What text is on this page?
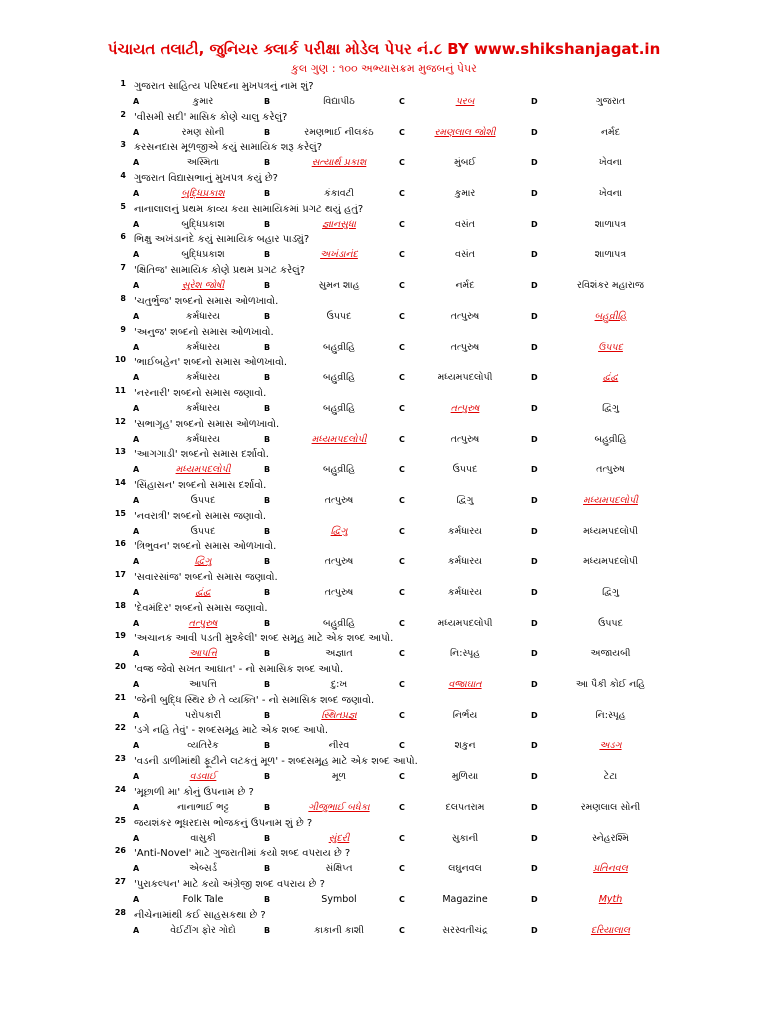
પંચાયત તલાટી, જુનિયર ક્લાર્ક પરીક્ષા મોડેલ પેપર નં.૮ BY www.shikshanjagat.in
કુલ ગુણ : ૧૦૦ અભ્યાસક્રમ મુજબનું પેપર
1 ગુજરાત સાહિત્ય પરિષદના મુખપત્રનું નામ શું?
A	કુમાર	B	વિદ્યાપીઠ	C	પરબ	D	ગુજરાત
2 'વીસમી સદી' માસિક કોણે ચાલુ કરેલું?
A	રમણ સોની	B	રમણભાઈ નીલકંઠ	C	રમણલાલ જોશી	D	નર્મદ
3 કરસનદાસ મૂળજીએ કયું સામાયિક શરૂ કરેલું?
A	અસ્મિતા	B	સત્યાર્થ પ્રકાશ	C	મુંબઈ	D	ખેવના
4 ગુજરાત વિદ્યાસભાનું મુખપત્ર કયું છે?
A	બુદ્ધિપ્રકાશ	B	કંકાવટી	C	કુમાર	D	ખેવના
5 નાનાલાલનું પ્રથમ કાવ્ય કયા સામાયિકમાં પ્રગટ થયું હતું?
A	બુદ્ધિપ્રકાશ	B	જ્ઞાનસુધા	C	વસંત	D	શાળાપત્ર
6 ભિક્ષુ અખંડાનંદે કયું સામાયિક બહાર પાડ્યું?
A	બુદ્ધિપ્રકાશ	B	અખંડાનંદ	C	વસંત	D	શાળાપત્ર
7 'ક્ષિતિજ' સામાયિક કોણે પ્રથમ પ્રગટ કરેલું?
A	સુરેશ જોષી	B	સુમન શાહ	C	નર્મદ	D	રવિશંકર મહારાજ
8 'ચતુર્ભુજ' શબ્દનો સમાસ ઓળખાવો.
A	કર્મધારય	B	ઉપપદ	C	તત્પુરુષ	D	બહુવ્રીહિ
9 'અનુજ' શબ્દનો સમાસ ઓળખાવો.
A	કર્મધારય	B	બહુવ્રીહિ	C	તત્પુરુષ	D	ઉપપદ
10 'ભાઈબહેન' શબ્દનો સમાસ ઓળખાવો.
A	કર્મધારય	B	બહુવ્રીહિ	C	મધ્યમપદલોપી	D	દ્વંદ્વ
11 'નરનારી' શબ્દનો સમાસ જણાવો.
A	કર્મધારય	B	બહુવ્રીહિ	C	તત્પુરુષ	D	દ્વિગુ
12 'સભાગૃહ' શબ્દનો સમાસ ઓળખાવો.
A	કર્મધારય	B	મધ્યમપદલોપી	C	તત્પુરુષ	D	બહુવ્રીહિ
13 'આગગાડી' શબ્દનો સમાસ દર્શાવો.
A	મધ્યમપદલોપી	B	બહુવ્રીહિ	C	ઉપપદ	D	તત્પુરુષ
14 'સિંહાસન' શબ્દનો સમાસ દર્શાવો.
A	ઉપપદ	B	તત્પુરુષ	C	દ્વિગુ	D	મધ્યમપદલોપી
15 'નવરાત્રી' શબ્દનો સમાસ જણાવો.
A	ઉપપદ	B	દ્વિગુ	C	કર્મધારય	D	મધ્યમપદલોપી
16 'ત્રિભુવન' શબ્દનો સમાસ ઓળખાવો.
A	દ્વિગુ	B	તત્પુરુષ	C	કર્મધારય	D	મધ્યમપદલોપી
17 'સવારસાંજ' શબ્દનો સમાસ જણાવો.
A	દ્વંદ્વ	B	તત્પુરુષ	C	કર્મધારય	D	દ્વિગુ
18 'દેવમંદિર' શબ્દનો સમાસ જણાવો.
A	તત્પુરુષ	B	બહુવ્રીહિ	C	મધ્યમપદલોપી	D	ઉપપદ
19 'અચાનક આવી પડતી મુશ્કેલી' શબ્દ સમૂહ માટે એક શબ્દ આપો.
A	આપત્તિ	B	અજ્ઞાત	C	નિ:સ્પૃહ	D	અજાયબી
20 'વજ્ર જેવો સખત આઘાત' - નો સમાસિક શબ્દ આપો.
A	આપત્તિ	B	દુ:ખ	C	વજ્રાઘાત	D	આ પૈકી કોઈ નહિ
21 'જેની બુદ્ધિ સ્થિર છે તે વ્યક્તિ' - નો સમાસિક શબ્દ જણાવો.
A	પરોપકારી	B	સ્થિતપ્રજ્ઞ	C	નિર્ભય	D	નિ:સ્પૃહ
22 'ડગે નહિ તેવું' - શબ્દસમૂહ માટે એક શબ્દ આપો.
A	વ્યતિરેક	B	નીરવ	C	શકુન	D	અડગ
23 'વડની ડાળીમાંથી ફૂટીને લટકતું મૂળ' - શબ્દસમૂહ માટે એક શબ્દ આપો.
A	વડવાઈ	B	મૂળ	C	મુળિયા	D	ટેટા
24 'મૂછાળી મા' કોનું ઉપનામ છે ?
A	નાનાભાઈ ભટ્ટ	B	ગીજુભાઈ બધેકા	C	દલપતરામ	D	રમણલાલ સોની
25 જયશંકર ભૂધરદાસ ભોજકનું ઉપનામ શું છે ?
A	વાસુકી	B	સુંદરી	C	સુકાની	D	સ્નેહરશ્મિ
26 'Anti-Novel' માટે ગુજરાતીમાં કયો શબ્દ વપરાય છે ?
A	એબ્સર્ડ	B	સંક્ષિપ્ત	C	લઘુનવલ	D	પ્રતિનવલ
27 'પુરાકલ્પન' માટે કયો અંગ્રેજી શબ્દ વપરાય છે ?
A	Folk Tale	B	Symbol	C	Magazine	D	Myth
28 નીચેનામાંથી કઈ સાહસકથા છે ?
A	વેઈટીંગ ફોર ગોદો	B	કાકાની કાશી	C	સરસ્વતીચંદ્ર	D	દરિયાલાલ
